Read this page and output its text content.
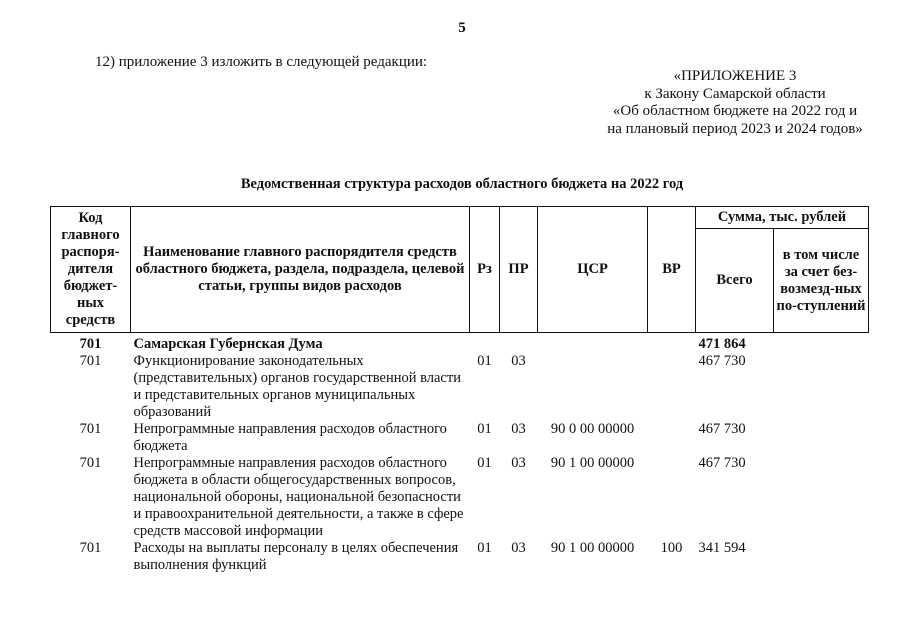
5
12) приложение 3 изложить в следующей редакции:
«ПРИЛОЖЕНИЕ 3
к Закону Самарской области
«Об областном бюджете на 2022 год и
на плановый период 2023 и 2024 годов»
Ведомственная структура расходов областного бюджета на 2022 год
Код главного распоря-дителя бюджет-ных средств	Наименование главного распорядителя средств областного бюджета, раздела, подраздела, целевой статьи, группы видов расходов	Рз	ПР	ЦСР	ВР	Сумма, тыс. рублей	
						Всего	в том числе за счет без-возмезд-ных по-ступлений
701	Самарская Губернская Дума					471 864	
701	Функционирование законодательных (представительных) органов государственной власти и представительных органов муниципальных образований	01	03			467 730	
701	Непрограммные направления расходов областного бюджета	01	03	90 0 00 00000		467 730	
701	Непрограммные направления расходов областного бюджета в области общегосударственных вопросов, национальной обороны, национальной безопасности и правоохранительной деятельности, а также в сфере средств массовой информации	01	03	90 1 00 00000		467 730	
701	Расходы на выплаты персоналу в целях обеспечения выполнения функций	01	03	90 1 00 00000	100	341 594	
